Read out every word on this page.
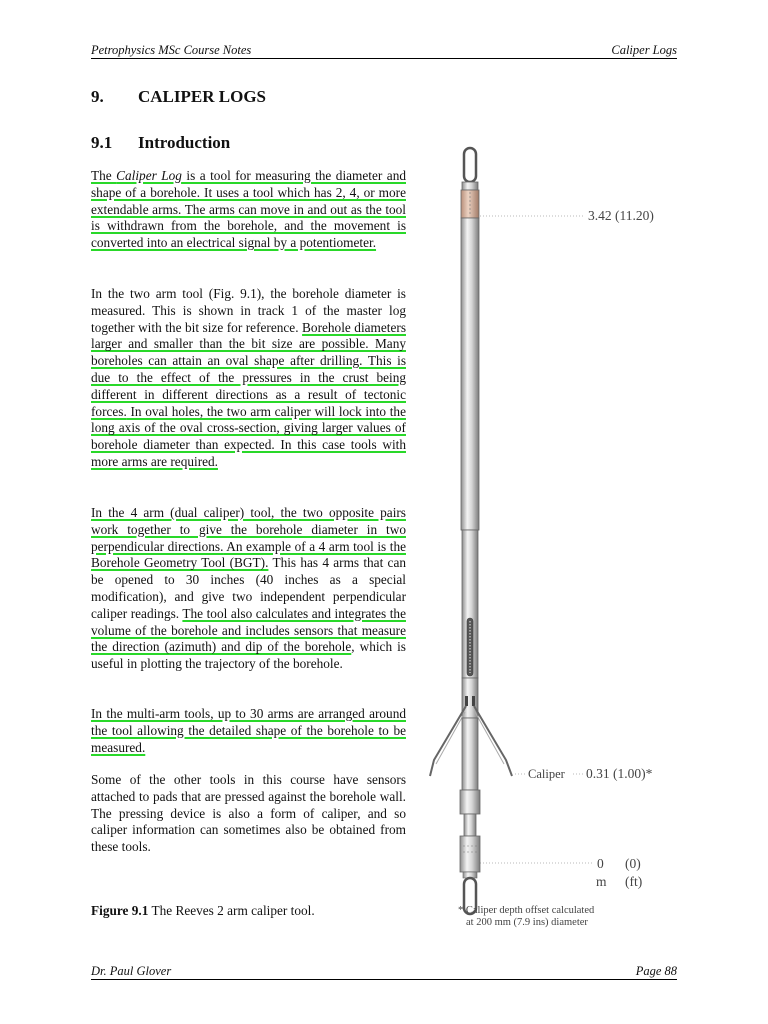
Petrophysics MSc Course Notes	Caliper Logs
9. CALIPER LOGS
9.1 Introduction

The Caliper Log is a tool for measuring the diameter and shape of a borehole. It uses a tool which has 2, 4, or more extendable arms. The arms can move in and out as the tool is withdrawn from the borehole, and the movement is converted into an electrical signal by a potentiometer.

In the two arm tool (Fig. 9.1), the borehole diameter is measured. This is shown in track 1 of the master log together with the bit size for reference. Borehole diameters larger and smaller than the bit size are possible. Many boreholes can attain an oval shape after drilling. This is due to the effect of the pressures in the crust being different in different directions as a result of tectonic forces. In oval holes, the two arm caliper will lock into the long axis of the oval cross-section, giving larger values of borehole diameter than expected. In this case tools with more arms are required.

In the 4 arm (dual caliper) tool, the two opposite pairs work together to give the borehole diameter in two perpendicular directions. An example of a 4 arm tool is the Borehole Geometry Tool (BGT). This has 4 arms that can be opened to 30 inches (40 inches as a special modification), and give two independent perpendicular caliper readings. The tool also calculates and integrates the volume of the borehole and includes sensors that measure the direction (azimuth) and dip of the borehole, which is useful in plotting the trajectory of the borehole.

In the multi-arm tools, up to 30 arms are arranged around the tool allowing the detailed shape of the borehole to be measured.

Some of the other tools in this course have sensors attached to pads that are pressed against the borehole wall. The pressing device is also a form of caliper, and so caliper information can sometimes also be obtained from these tools.

Figure 9.1 The Reeves 2 arm caliper tool.
3.42 (11.20)
Caliper 0.31 (1.00)*
0 (0)
m (ft)
* Caliper depth offset calculated
at 200 mm (7.9 ins) diameter
Dr. Paul Glover	Page 88
